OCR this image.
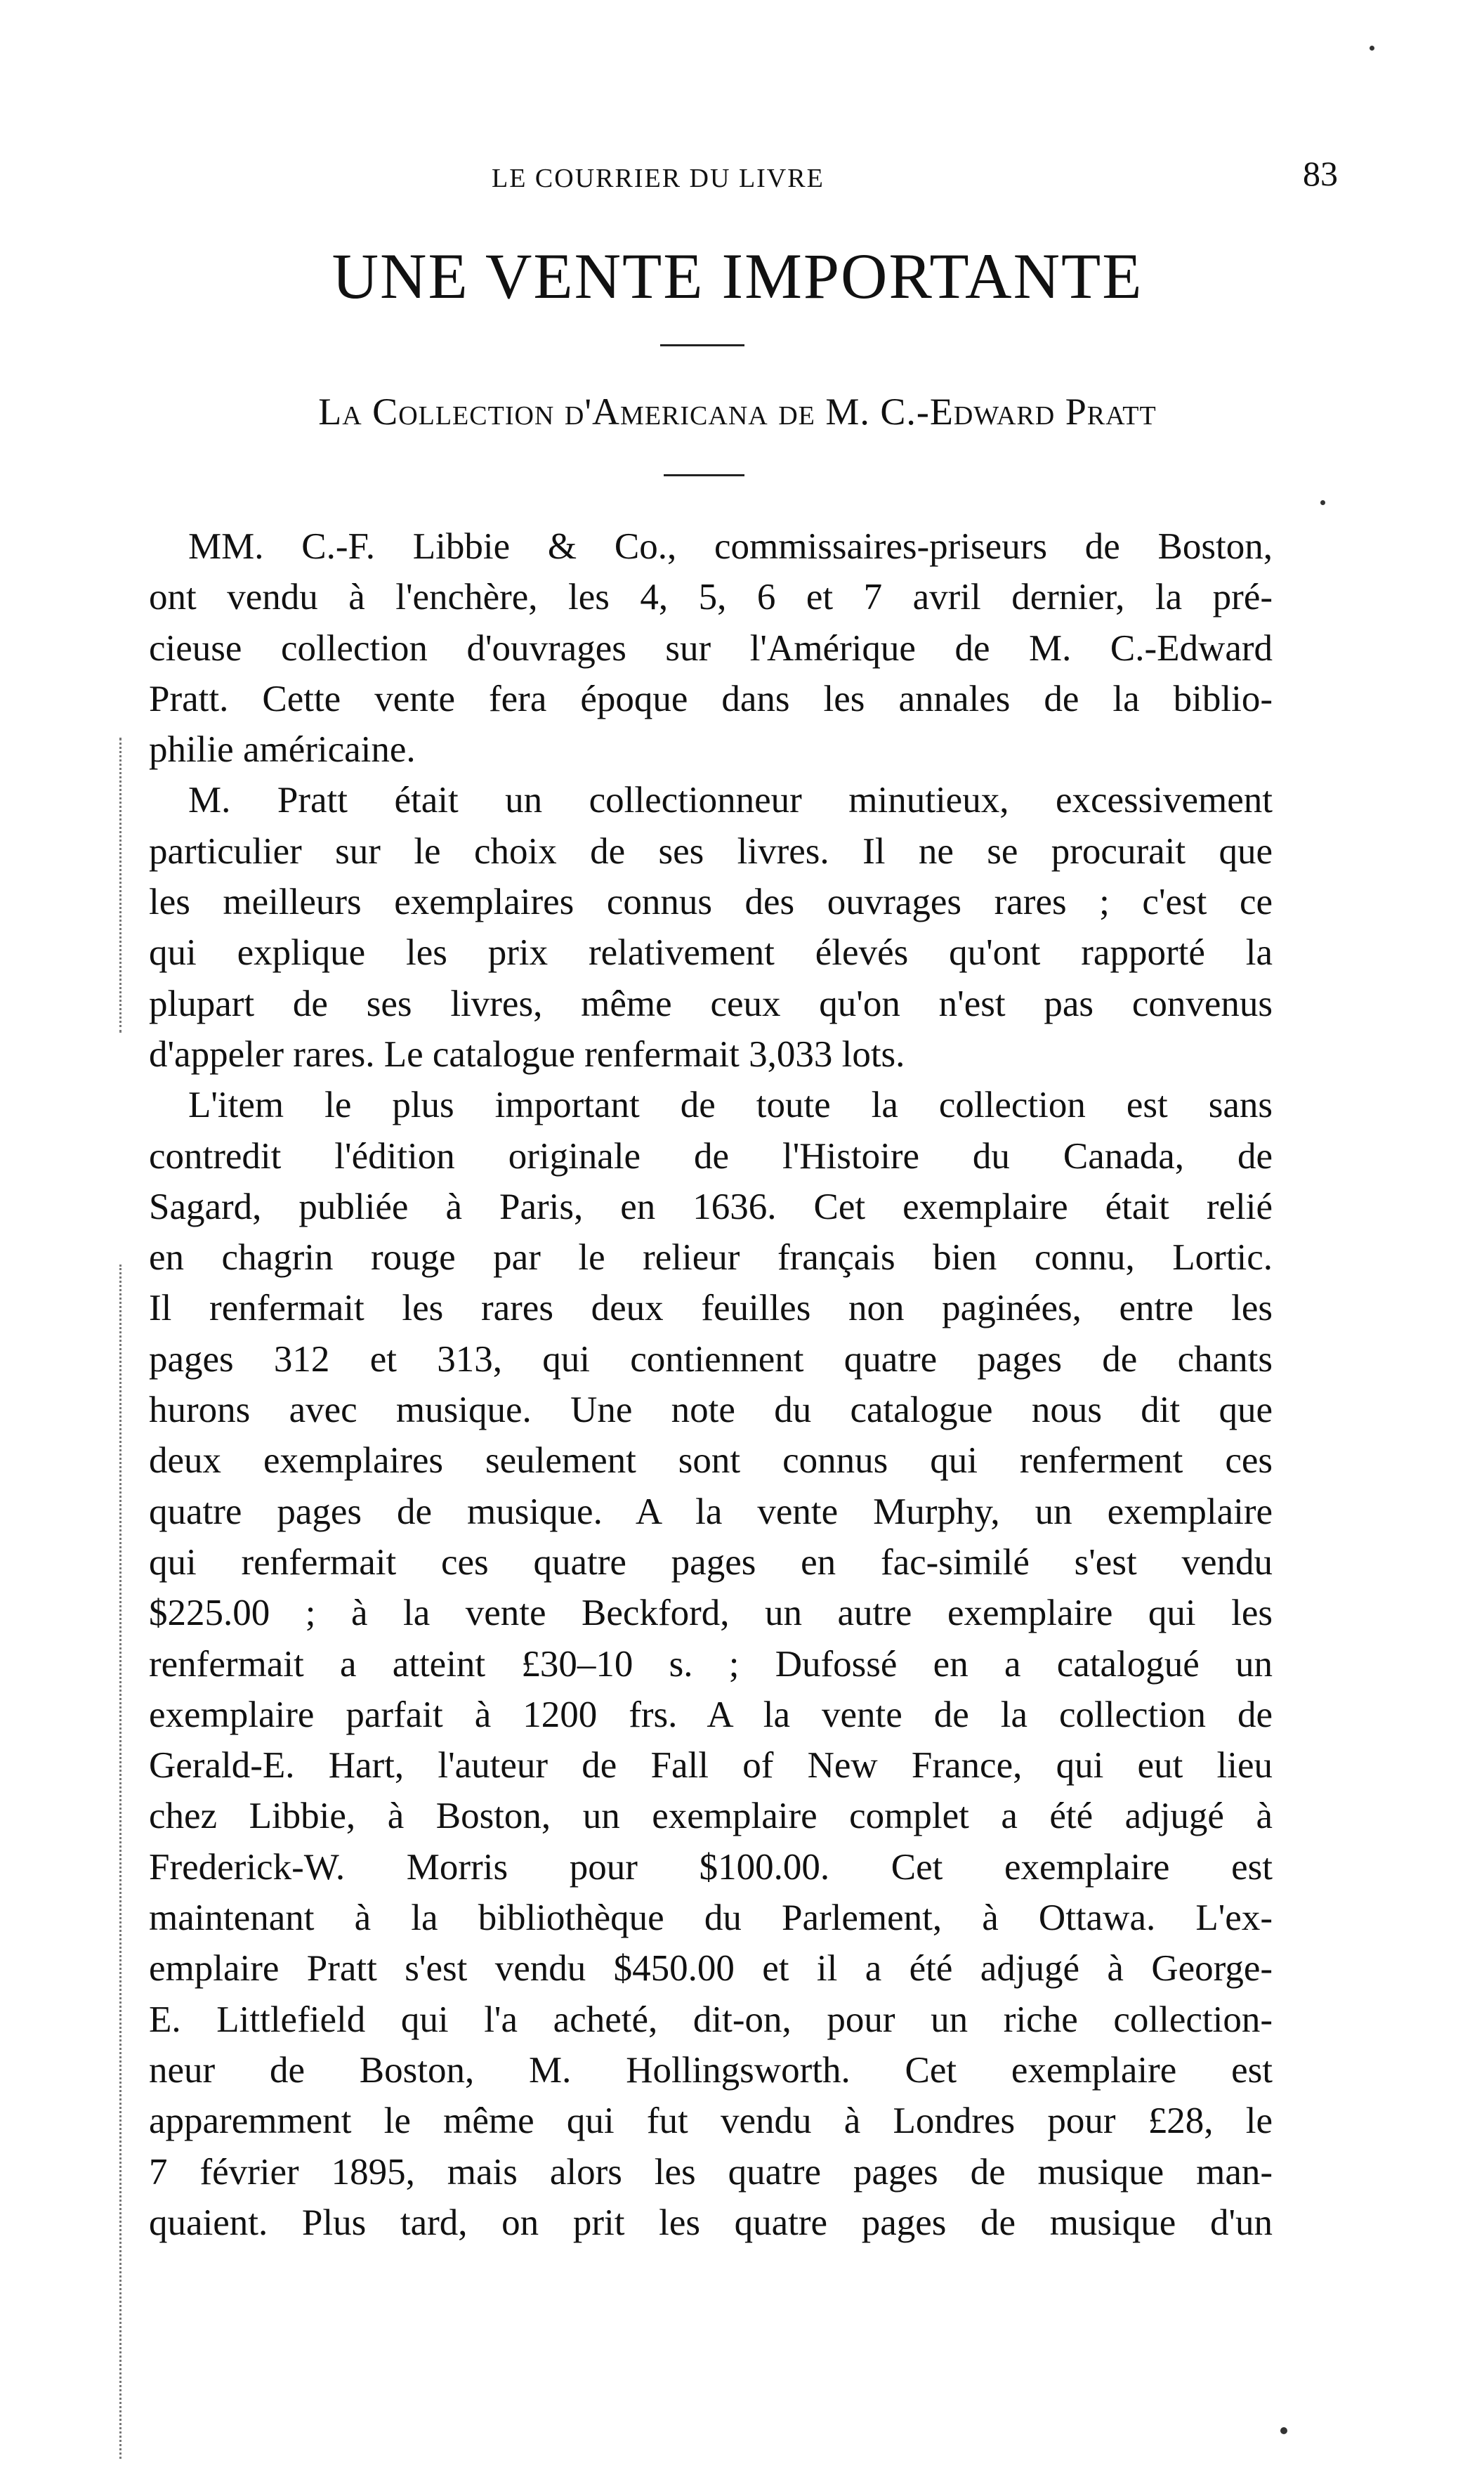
LE COURRIER DU LIVRE	83
UNE VENTE IMPORTANTE
La Collection d'Americana de M. C.-Edward Pratt
MM. C.-F. Libbie & Co., commissaires-priseurs de Boston,
ont vendu à l'enchère, les 4, 5, 6 et 7 avril dernier, la pré-
cieuse collection d'ouvrages sur l'Amérique de M. C.-Edward
Pratt. Cette vente fera époque dans les annales de la biblio-
philie américaine.
M. Pratt était un collectionneur minutieux, excessivement
particulier sur le choix de ses livres. Il ne se procurait que
les meilleurs exemplaires connus des ouvrages rares ; c'est ce
qui explique les prix relativement élevés qu'ont rapporté la
plupart de ses livres, même ceux qu'on n'est pas convenus
d'appeler rares. Le catalogue renfermait 3,033 lots.
L'item le plus important de toute la collection est sans
contredit l'édition originale de l'Histoire du Canada, de
Sagard, publiée à Paris, en 1636. Cet exemplaire était relié
en chagrin rouge par le relieur français bien connu, Lortic.
Il renfermait les rares deux feuilles non paginées, entre les
pages 312 et 313, qui contiennent quatre pages de chants
hurons avec musique. Une note du catalogue nous dit que
deux exemplaires seulement sont connus qui renferment ces
quatre pages de musique. A la vente Murphy, un exemplaire
qui renfermait ces quatre pages en fac-similé s'est vendu
$225.00 ; à la vente Beckford, un autre exemplaire qui les
renfermait a atteint £30–10 s. ; Dufossé en a catalogué un
exemplaire parfait à 1200 frs. A la vente de la collection de
Gerald-E. Hart, l'auteur de Fall of New France, qui eut lieu
chez Libbie, à Boston, un exemplaire complet a été adjugé à
Frederick-W. Morris pour $100.00. Cet exemplaire est
maintenant à la bibliothèque du Parlement, à Ottawa. L'ex-
emplaire Pratt s'est vendu $450.00 et il a été adjugé à George-
E. Littlefield qui l'a acheté, dit-on, pour un riche collection-
neur de Boston, M. Hollingsworth. Cet exemplaire est
apparemment le même qui fut vendu à Londres pour £28, le
7 février 1895, mais alors les quatre pages de musique man-
quaient. Plus tard, on prit les quatre pages de musique d'un
